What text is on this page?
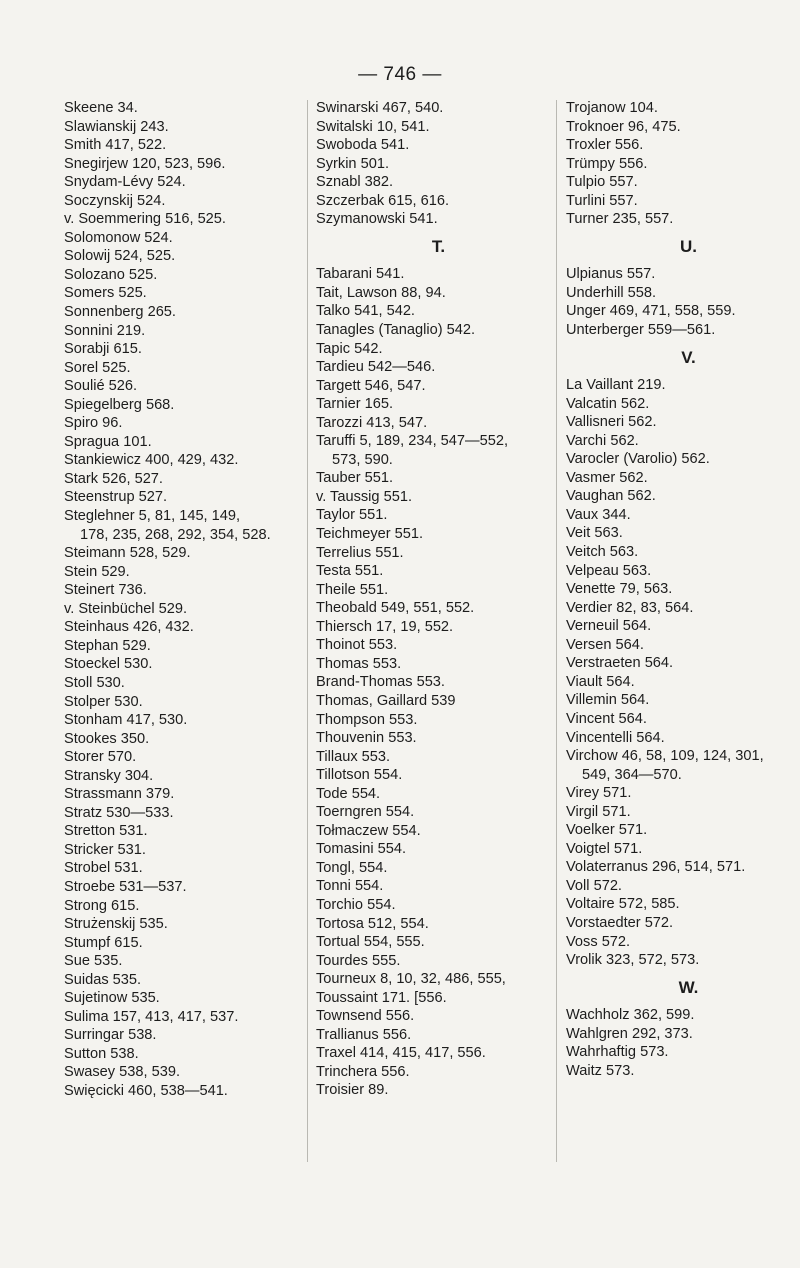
— 746 —
Skeene 34.
Slawianskij 243.
Smith 417, 522.
Snegirjew 120, 523, 596.
Snydam-Lévy 524.
Soczynskij 524.
v. Soemmering 516, 525.
Solomonow 524.
Solowij 524, 525.
Solozano 525.
Somers 525.
Sonnenberg 265.
Sonnini 219.
Sorabji 615.
Sorel 525.
Soulié 526.
Spiegelberg 568.
Spiro 96.
Spragua 101.
Stankiewicz 400, 429, 432.
Stark 526, 527.
Steenstrup 527.
Steglehner 5, 81, 145, 149,
178, 235, 268, 292, 354, 528.
Steimann 528, 529.
Stein 529.
Steinert 736.
v. Steinbüchel 529.
Steinhaus 426, 432.
Stephan 529.
Stoeckel 530.
Stoll 530.
Stolper 530.
Stonham 417, 530.
Stookes 350.
Storer 570.
Stransky 304.
Strassmann 379.
Stratz 530—533.
Stretton 531.
Stricker 531.
Strobel 531.
Stroebe 531—537.
Strong 615.
Strużenskij 535.
Stumpf 615.
Sue 535.
Suidas 535.
Sujetinow 535.
Sulima 157, 413, 417, 537.
Surringar 538.
Sutton 538.
Swasey 538, 539.
Swięcicki 460, 538—541.
Swinarski 467, 540.
Switalski 10, 541.
Swoboda 541.
Syrkin 501.
Sznabl 382.
Szczerbak 615, 616.
Szymanowski 541.
T.
Tabarani 541.
Tait, Lawson 88, 94.
Talko 541, 542.
Tanagles (Tanaglio) 542.
Tapic 542.
Tardieu 542—546.
Targett 546, 547.
Tarnier 165.
Tarozzi 413, 547.
Taruffi 5, 189, 234, 547—552,
573, 590.
Tauber 551.
v. Taussig 551.
Taylor 551.
Teichmeyer 551.
Terrelius 551.
Testa 551.
Theile 551.
Theobald 549, 551, 552.
Thiersch 17, 19, 552.
Thoinot 553.
Thomas 553.
Brand-Thomas 553.
Thomas, Gaillard 539
Thompson 553.
Thouvenin 553.
Tillaux 553.
Tillotson 554.
Tode 554.
Toerngren 554.
Tołmaczew 554.
Tomasini 554.
Tongl, 554.
Tonni 554.
Torchio 554.
Tortosa 512, 554.
Tortual 554, 555.
Tourdes 555.
Tourneux 8, 10, 32, 486, 555,
Toussaint 171. [556.
Townsend 556.
Trallianus 556.
Traxel 414, 415, 417, 556.
Trinchera 556.
Troisier 89.
Trojanow 104.
Troknoer 96, 475.
Troxler 556.
Trümpy 556.
Tulpio 557.
Turlini 557.
Turner 235, 557.
U.
Ulpianus 557.
Underhill 558.
Unger 469, 471, 558, 559.
Unterberger 559—561.
V.
La Vaillant 219.
Valcatin 562.
Vallisneri 562.
Varchi 562.
Varocler (Varolio) 562.
Vasmer 562.
Vaughan 562.
Vaux 344.
Veit 563.
Veitch 563.
Velpeau 563.
Venette 79, 563.
Verdier 82, 83, 564.
Verneuil 564.
Versen 564.
Verstraeten 564.
Viault 564.
Villemin 564.
Vincent 564.
Vincentelli 564.
Virchow 46, 58, 109, 124, 301,
549, 364—570.
Virey 571.
Virgil 571.
Voelker 571.
Voigtel 571.
Volaterranus 296, 514, 571.
Voll 572.
Voltaire 572, 585.
Vorstaedter 572.
Voss 572.
Vrolik 323, 572, 573.
W.
Wachholz 362, 599.
Wahlgren 292, 373.
Wahrhaftig 573.
Waitz 573.
